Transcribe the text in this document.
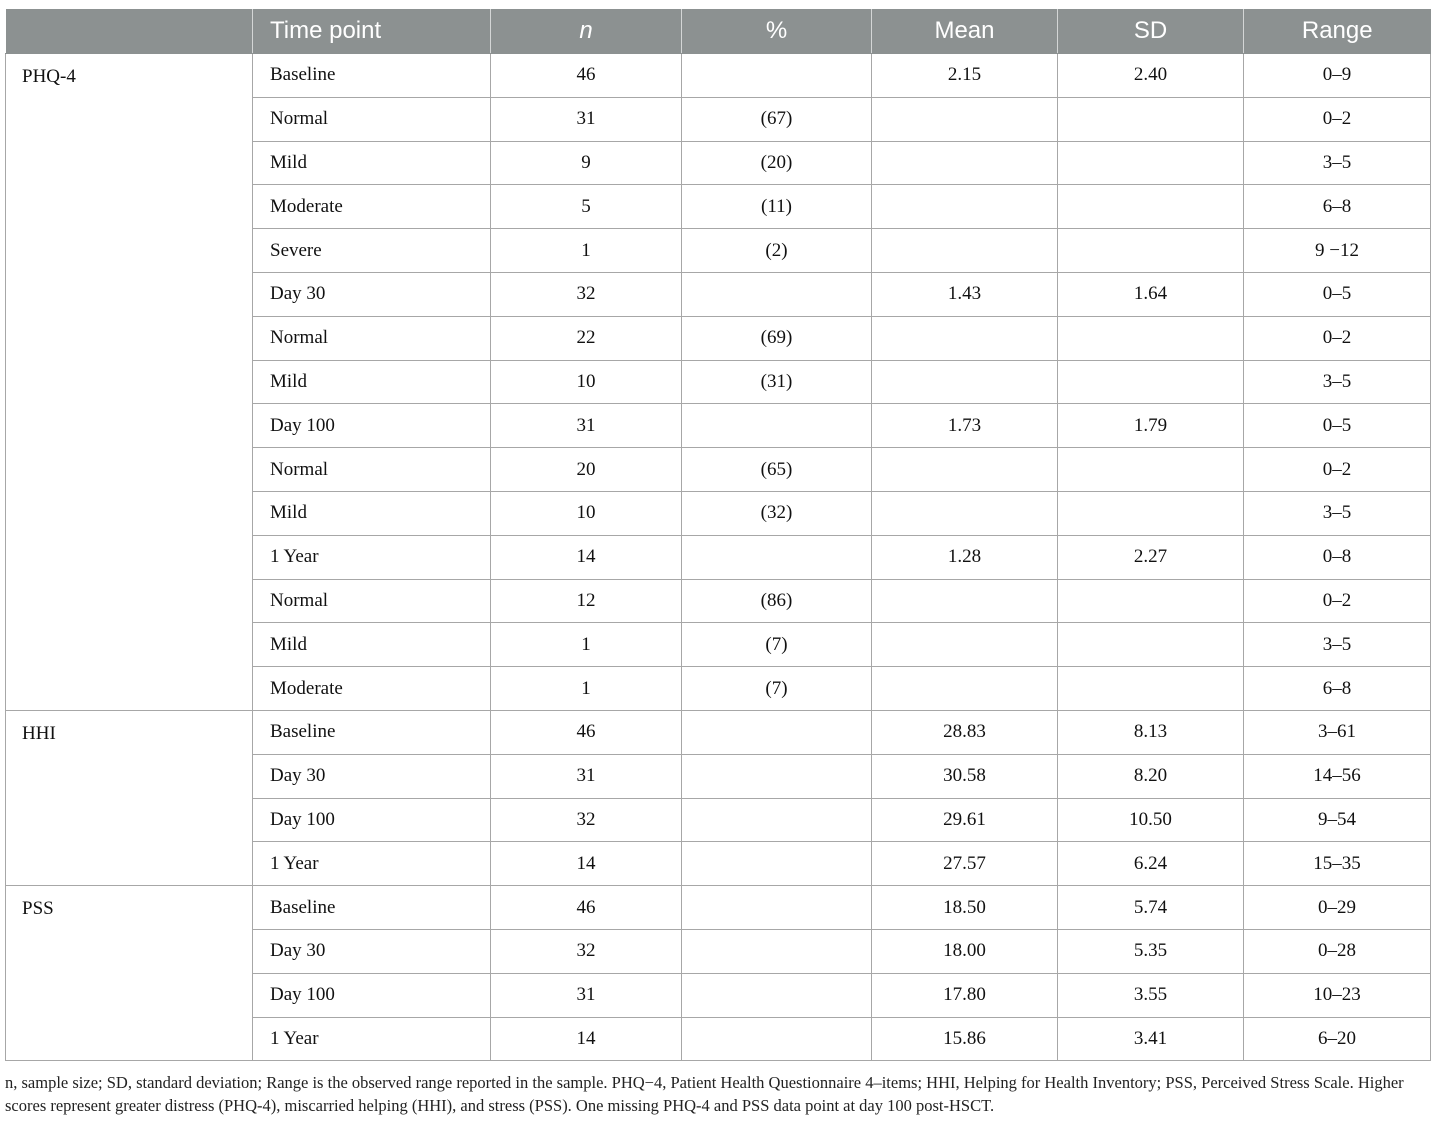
	Time point	n	%	Mean	SD	Range
PHQ-4	Baseline	46		2.15	2.40	0–9
	Normal	31	(67)			0–2
	Mild	9	(20)			3–5
	Moderate	5	(11)			6–8
	Severe	1	(2)			9 −12
	Day 30	32		1.43	1.64	0–5
	Normal	22	(69)			0–2
	Mild	10	(31)			3–5
	Day 100	31		1.73	1.79	0–5
	Normal	20	(65)			0–2
	Mild	10	(32)			3–5
	1 Year	14		1.28	2.27	0–8
	Normal	12	(86)			0–2
	Mild	1	(7)			3–5
	Moderate	1	(7)			6–8
HHI	Baseline	46		28.83	8.13	3–61
	Day 30	31		30.58	8.20	14–56
	Day 100	32		29.61	10.50	9–54
	1 Year	14		27.57	6.24	15–35
PSS	Baseline	46		18.50	5.74	0–29
	Day 30	32		18.00	5.35	0–28
	Day 100	31		17.80	3.55	10–23
	1 Year	14		15.86	3.41	6–20

n, sample size; SD, standard deviation; Range is the observed range reported in the sample. PHQ−4, Patient Health Questionnaire 4–items; HHI, Helping for Health Inventory; PSS, Perceived Stress Scale. Higher scores represent greater distress (PHQ-4), miscarried helping (HHI), and stress (PSS). One missing PHQ-4 and PSS data point at day 100 post-HSCT.
